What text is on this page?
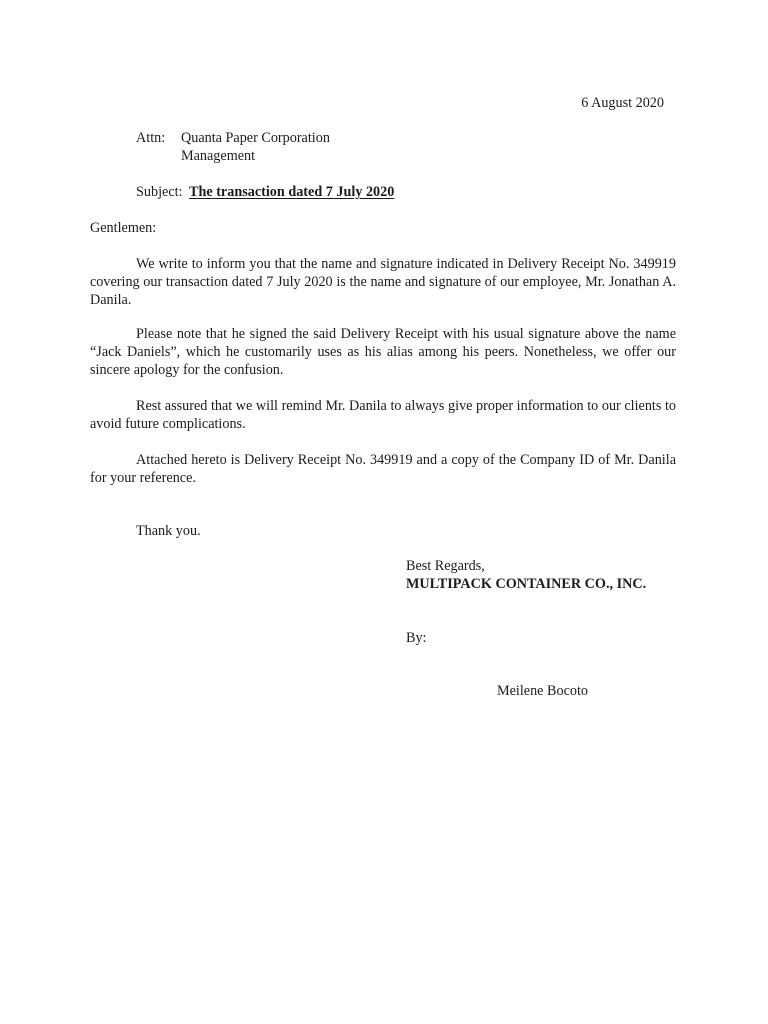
6 August 2020
Attn: Quanta Paper Corporation
Management
Subject: The transaction dated 7 July 2020
Gentlemen:

We write to inform you that the name and signature indicated in Delivery Receipt No. 349919 covering our transaction dated 7 July 2020 is the name and signature of our employee, Mr. Jonathan A. Danila.

Please note that he signed the said Delivery Receipt with his usual signature above the name “Jack Daniels”, which he customarily uses as his alias among his peers. Nonetheless, we offer our sincere apology for the confusion.

Rest assured that we will remind Mr. Danila to always give proper information to our clients to avoid future complications.

Attached hereto is Delivery Receipt No. 349919 and a copy of the Company ID of Mr. Danila for your reference.

Thank you.
Best Regards,
MULTIPACK CONTAINER CO., INC.
By:
Meilene Bocoto
